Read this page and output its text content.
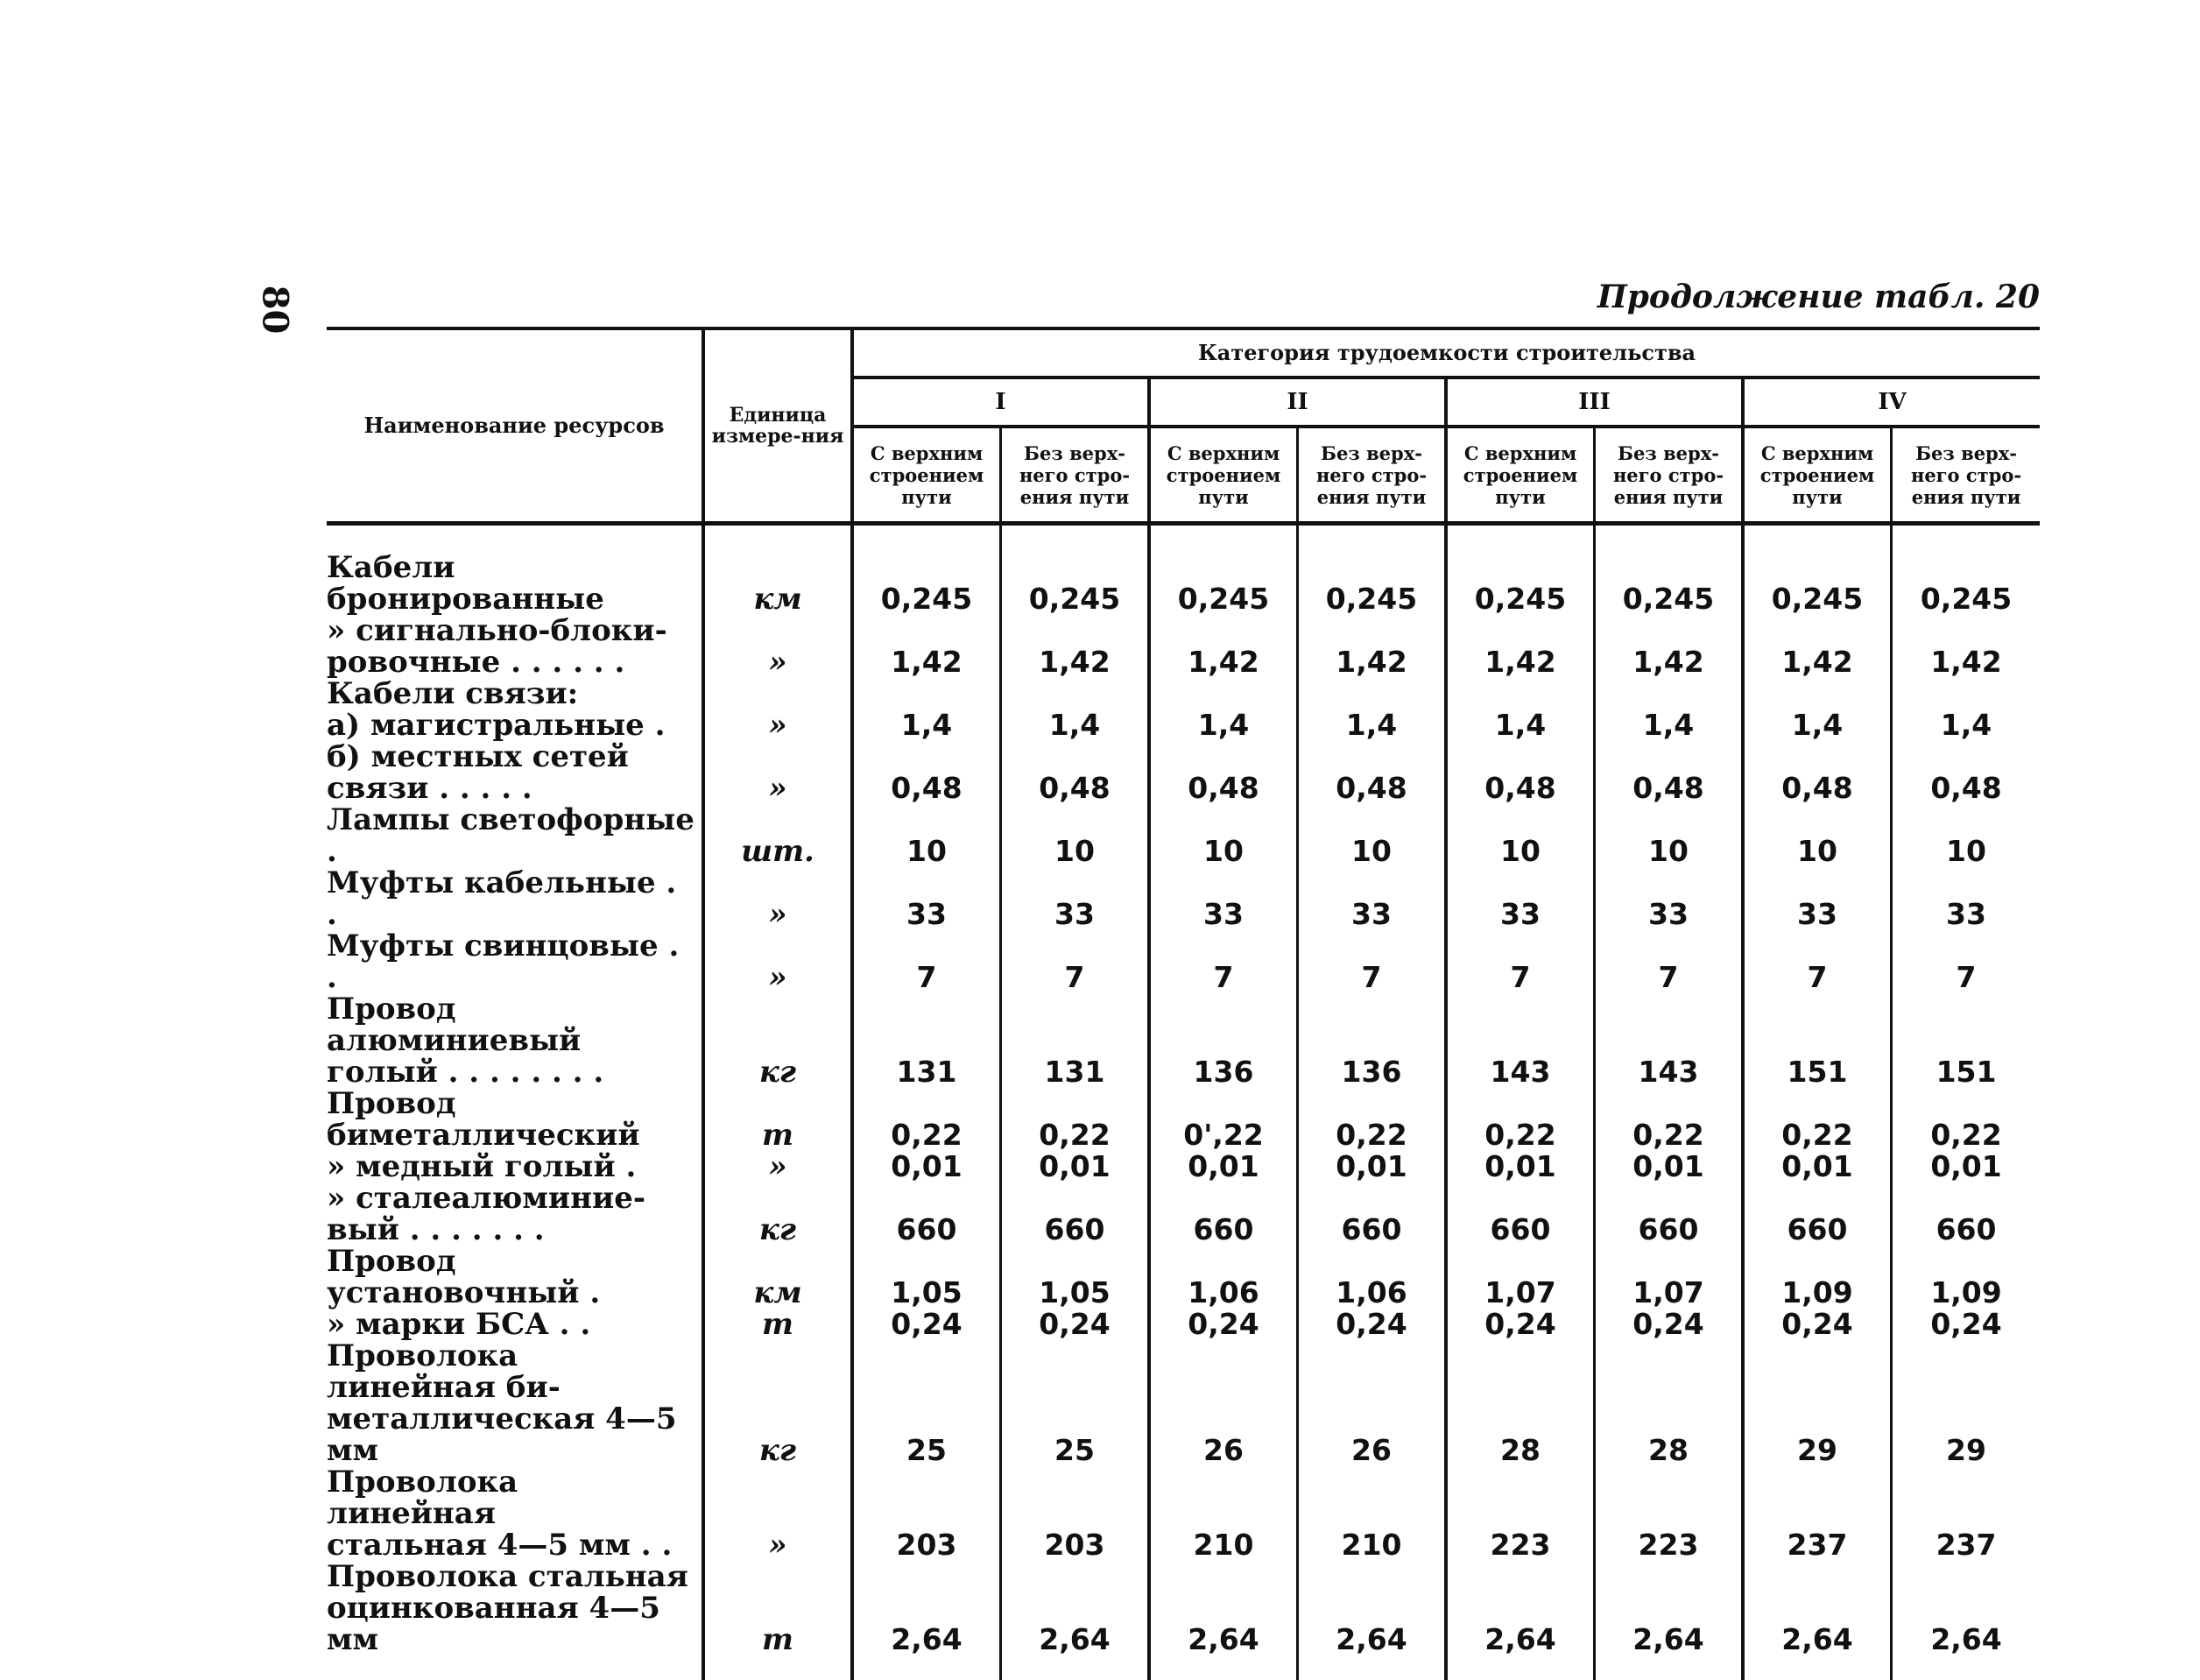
80	Продолжение табл. 20
Наименование ресурсов	Единица измере-ния	Категория трудоемкости строительства							
		I		II		III		IV	
		С верхним строением пути	Без верх-него стро-ения пути	С верхним строением пути	Без верх-него стро-ения пути	С верхним строением пути	Без верх-него стро-ения пути	С верхним строением пути	Без верх-него стро-ения пути
Кабели бронированные	км	0,245	0,245	0,245	0,245	0,245	0,245	0,245	0,245
» сигнально-блоки-
ровочные . . . . . .	»	1,42	1,42	1,42	1,42	1,42	1,42	1,42	1,42
Кабели связи:
а) магистральные .	»	1,4	1,4	1,4	1,4	1,4	1,4	1,4	1,4
б) местных сетей
связи . . . . .	»	0,48	0,48	0,48	0,48	0,48	0,48	0,48	0,48
Лампы светофорные .	шт.	10	10	10	10	10	10	10	10
Муфты кабельные . .	»	33	33	33	33	33	33	33	33
Муфты свинцовые . .	»	7	7	7	7	7	7	7	7
Провод алюминиевый
голый . . . . . . . .	кг	131	131	136	136	143	143	151	151
Провод биметаллический	т	0,22	0,22	0',22	0,22	0,22	0,22	0,22	0,22
» медный голый .	»	0,01	0,01	0,01	0,01	0,01	0,01	0,01	0,01
» сталеалюминие-
вый . . . . . . .	кг	660	660	660	660	660	660	660	660
Провод установочный .	км	1,05	1,05	1,06	1,06	1,07	1,07	1,09	1,09
» марки БСА . .	т	0,24	0,24	0,24	0,24	0,24	0,24	0,24	0,24
Проволока линейная би-
металлическая 4—5 мм	кг	25	25	26	26	28	28	29	29
Проволока линейная
стальная 4—5 мм . .	»	203	203	210	210	223	223	237	237
Проволока стальная
оцинкованная 4—5 мм	т	2,64	2,64	2,64	2,64	2,64	2,64	2,64	2,64
